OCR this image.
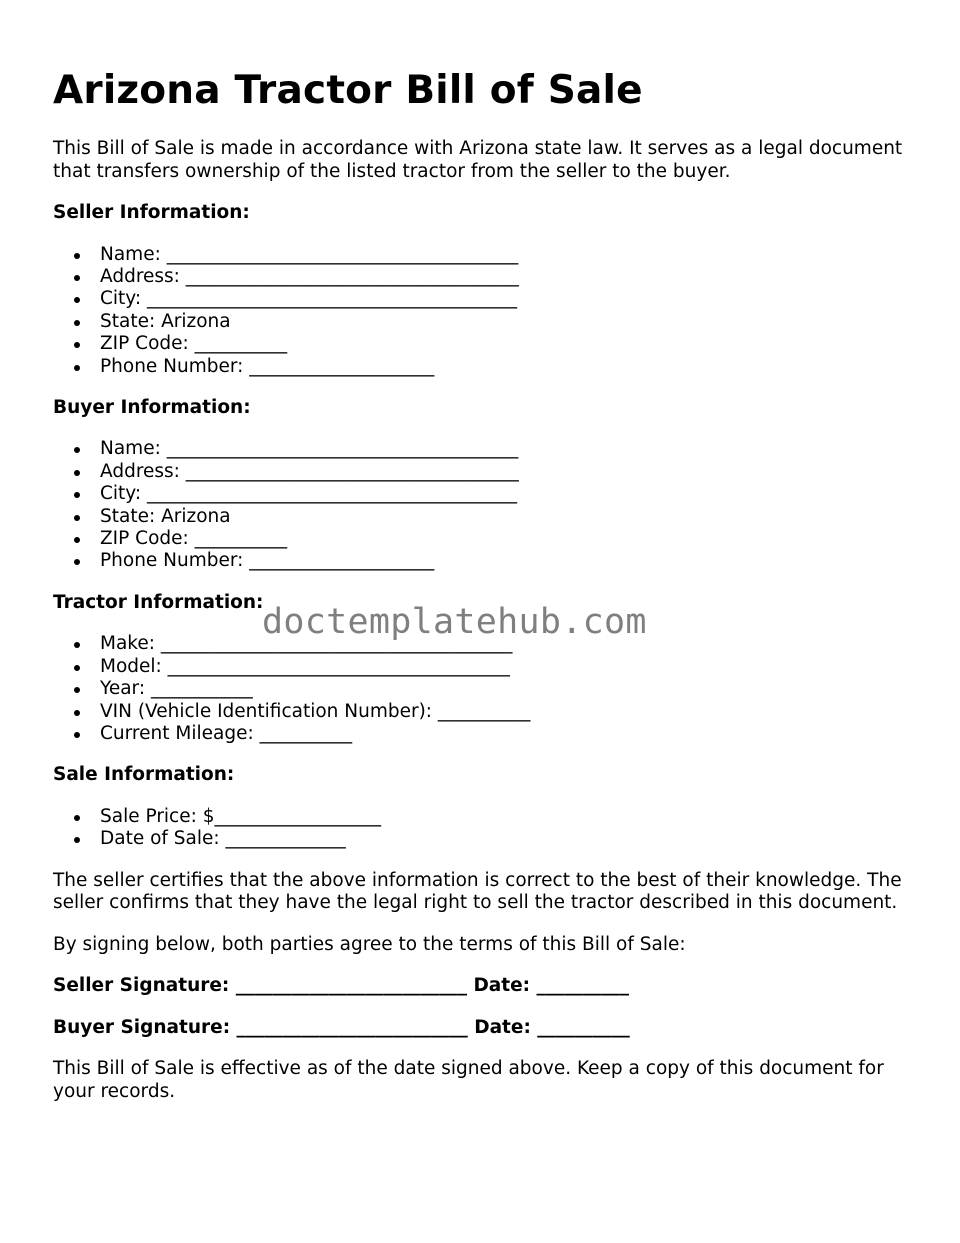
Arizona Tractor Bill of Sale

This Bill of Sale is made in accordance with Arizona state law. It serves as a legal document that transfers ownership of the listed tractor from the seller to the buyer.

Seller Information:
Name: ______________________________________
Address: ____________________________________
City: ________________________________________
State: Arizona
ZIP Code: __________
Phone Number: ____________________
Buyer Information:
Name: ______________________________________
Address: ____________________________________
City: ________________________________________
State: Arizona
ZIP Code: __________
Phone Number: ____________________
Tractor Information:
Make: ______________________________________
Model: _____________________________________
Year: ___________
VIN (Vehicle Identification Number): __________
Current Mileage: __________
Sale Information:
Sale Price: $__________________
Date of Sale: _____________

The seller certifies that the above information is correct to the best of their knowledge. The seller confirms that they have the legal right to sell the tractor described in this document.

By signing below, both parties agree to the terms of this Bill of Sale:

Seller Signature: _________________________ Date: __________
Buyer Signature: _________________________ Date: __________

This Bill of Sale is effective as of the date signed above. Keep a copy of this document for your records.

doctemplatehub.com
